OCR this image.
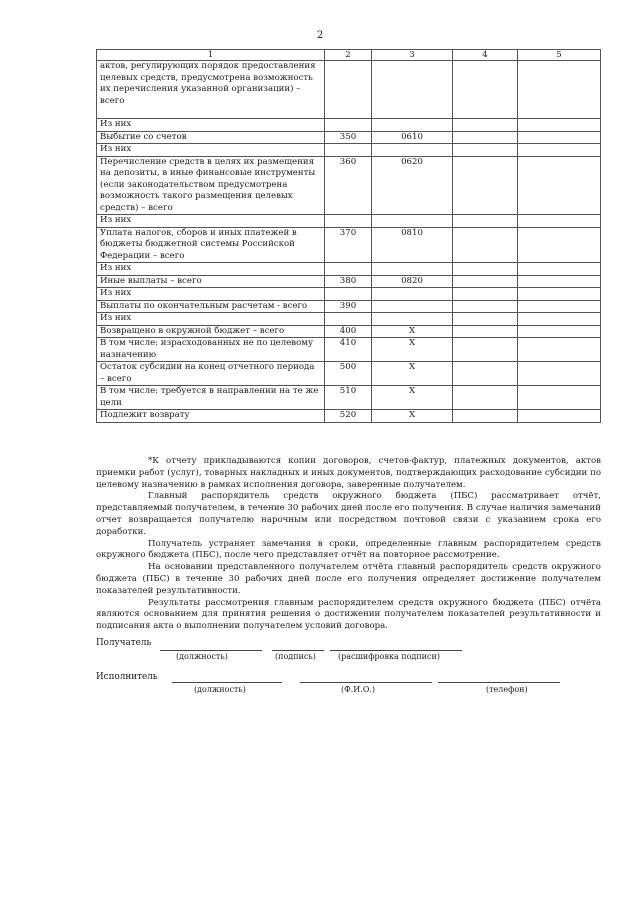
2
1	2	3	4	5
актов, регулирующих порядок предоставления целевых средств, предусмотрена возможность их перечисления указанной организации) – всего				
Из них				
Выбытие со счетов	350	0610		
Из них				
Перечисление средств в целях их размещения на депозиты, в иные финансовые инструменты (если законодательством предусмотрена возможность такого размещения целевых средств) – всего	360	0620		
Из них				
Уплата налогов, сборов и иных платежей в бюджеты бюджетной системы Российской Федерации – всего	370	0810		
Из них				
Иные выплаты – всего	380	0820		
Из них				
Выплаты по окончательным расчетам - всего	390			
Из них				
Возвращено в окружной бюджет – всего	400	X		
В том числе: израсходованных не по целевому назначению	410	X		
Остаток субсидии на конец отчетного периода – всего	500	X		
В том числе: требуется в направлении на те же цели	510	X		
Подлежит возврату	520	X		

*К отчету прикладываются копии договоров, счетов-фактур, платежных документов, актов приемки работ (услуг), товарных накладных и иных документов, подтверждающих расходование субсидии по целевому назначению в рамках исполнения договора, заверенные получателем.

Главный распорядитель средств окружного бюджета (ПБС) рассматривает отчёт, представляемый получателем, в течение 30 рабочих дней после его получения. В случае наличия замечаний отчет возвращается получателю нарочным или посредством почтовой связи с указанием срока его доработки.

Получатель устраняет замечания в сроки, определенные главным распорядителем средств окружного бюджета (ПБС), после чего представляет отчёт на повторное рассмотрение.

На основании представленного получателем отчёта главный распорядитель средств окружного бюджета (ПБС) в течение 30 рабочих дней после его получения определяет достижение получателем показателей результативности.

Результаты рассмотрения главным распорядителем средств окружного бюджета (ПБС) отчёта являются основанием для принятия решения о достижении получателем показателей результативности и подписания акта о выполнении получателем условий договора.

Получатель
(должность)	(подпись)	(расшифровка подписи)
Исполнитель
(должность)	(Ф.И.О.)	(телефон)
